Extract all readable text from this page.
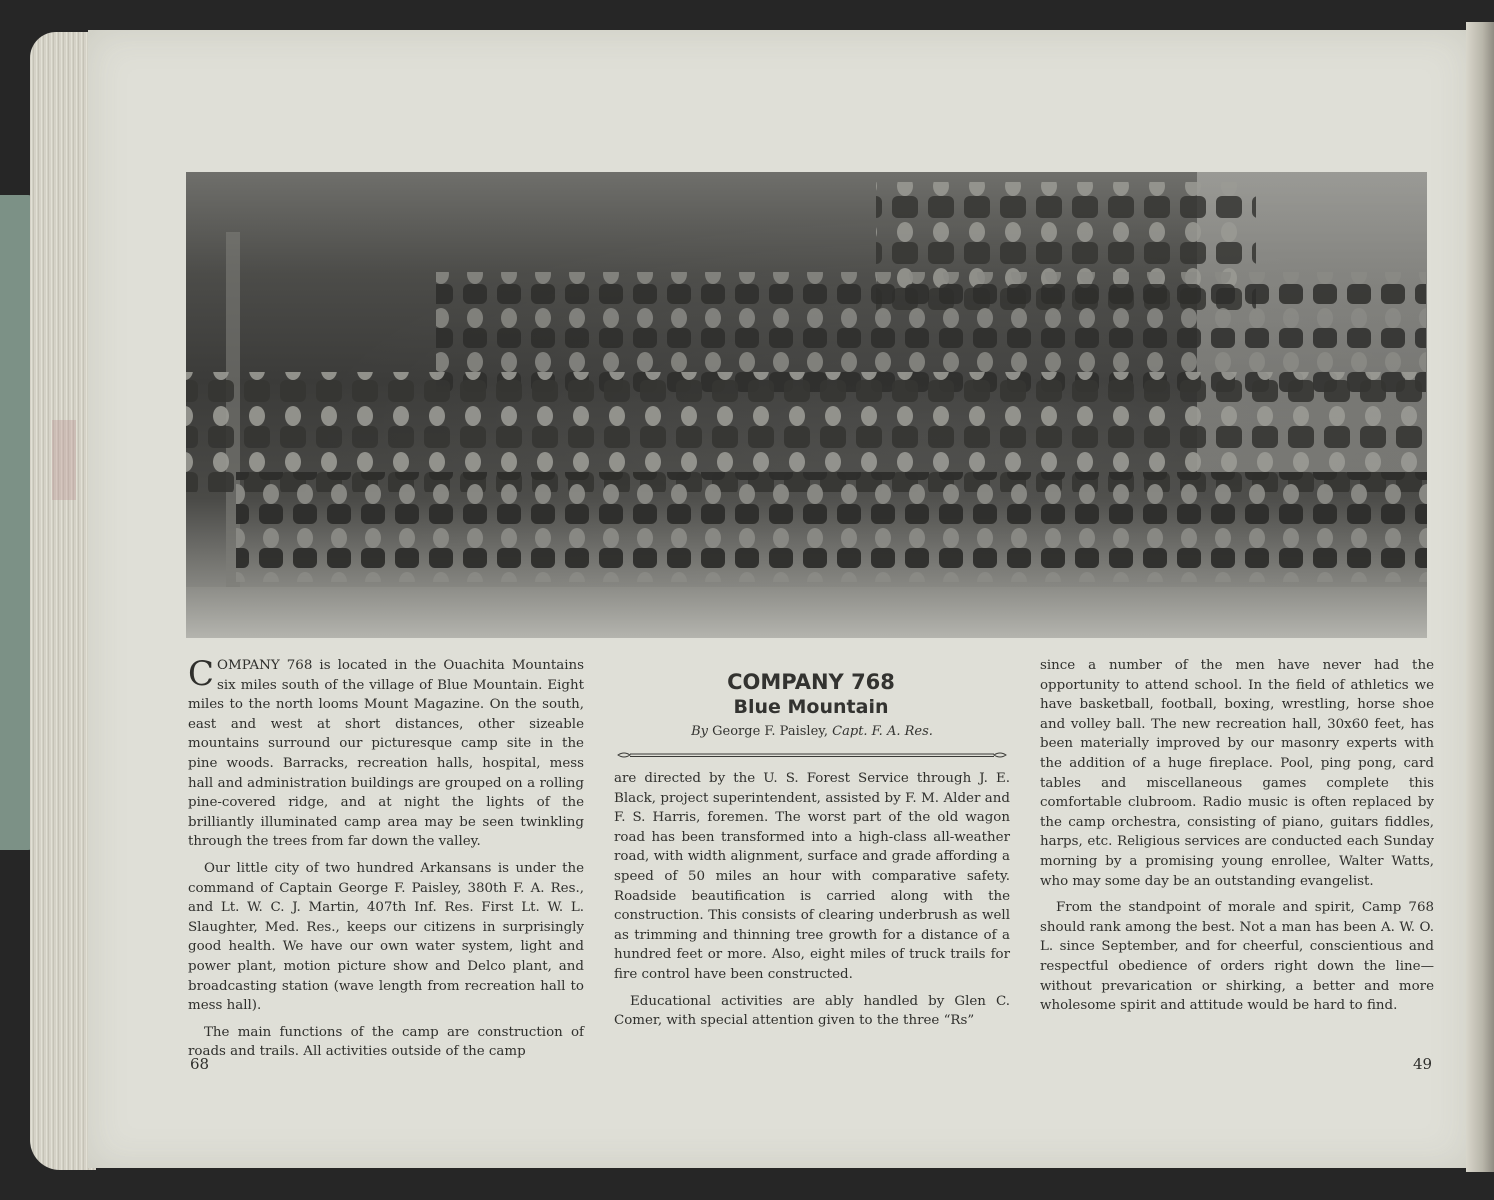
COMPANY 768 is located in the Ouachita Mountains six miles south of the village of Blue Mountain. Eight miles to the north looms Mount Magazine. On the south, east and west at short distances, other sizeable mountains surround our picturesque camp site in the pine woods. Barracks, recreation halls, hospital, mess hall and administration buildings are grouped on a rolling pine-covered ridge, and at night the lights of the brilliantly illuminated camp area may be seen twinkling through the trees from far down the valley.

Our little city of two hundred Arkansans is under the command of Captain George F. Paisley, 380th F. A. Res., and Lt. W. C. J. Martin, 407th Inf. Res. First Lt. W. L. Slaughter, Med. Res., keeps our citizens in surprisingly good health. We have our own water system, light and power plant, motion picture show and Delco plant, and broadcasting station (wave length from recreation hall to mess hall).

The main functions of the camp are construction of roads and trails. All activities outside of the camp

COMPANY 768
Blue Mountain

By George F. Paisley, Capt. F. A. Res.

are directed by the U. S. Forest Service through J. E. Black, project superintendent, assisted by F. M. Alder and F. S. Harris, foremen. The worst part of the old wagon road has been transformed into a high-class all-weather road, with width alignment, surface and grade affording a speed of 50 miles an hour with comparative safety. Roadside beautification is carried along with the construction. This consists of clearing underbrush as well as trimming and thinning tree growth for a distance of a hundred feet or more. Also, eight miles of truck trails for fire control have been constructed.

Educational activities are ably handled by Glen C. Comer, with special attention given to the three “Rs”

since a number of the men have never had the opportunity to attend school. In the field of athletics we have basketball, football, boxing, wrestling, horse shoe and volley ball. The new recreation hall, 30x60 feet, has been materially improved by our masonry experts with the addition of a huge fireplace. Pool, ping pong, card tables and miscellaneous games complete this comfortable clubroom. Radio music is often replaced by the camp orchestra, consisting of piano, guitars fiddles, harps, etc. Religious services are conducted each Sunday morning by a promising young enrollee, Walter Watts, who may some day be an outstanding evangelist.

From the standpoint of morale and spirit, Camp 768 should rank among the best. Not a man has been A. W. O. L. since September, and for cheerful, conscientious and respectful obedience of orders right down the line—without prevarication or shirking, a better and more wholesome spirit and attitude would be hard to find.

68	49
